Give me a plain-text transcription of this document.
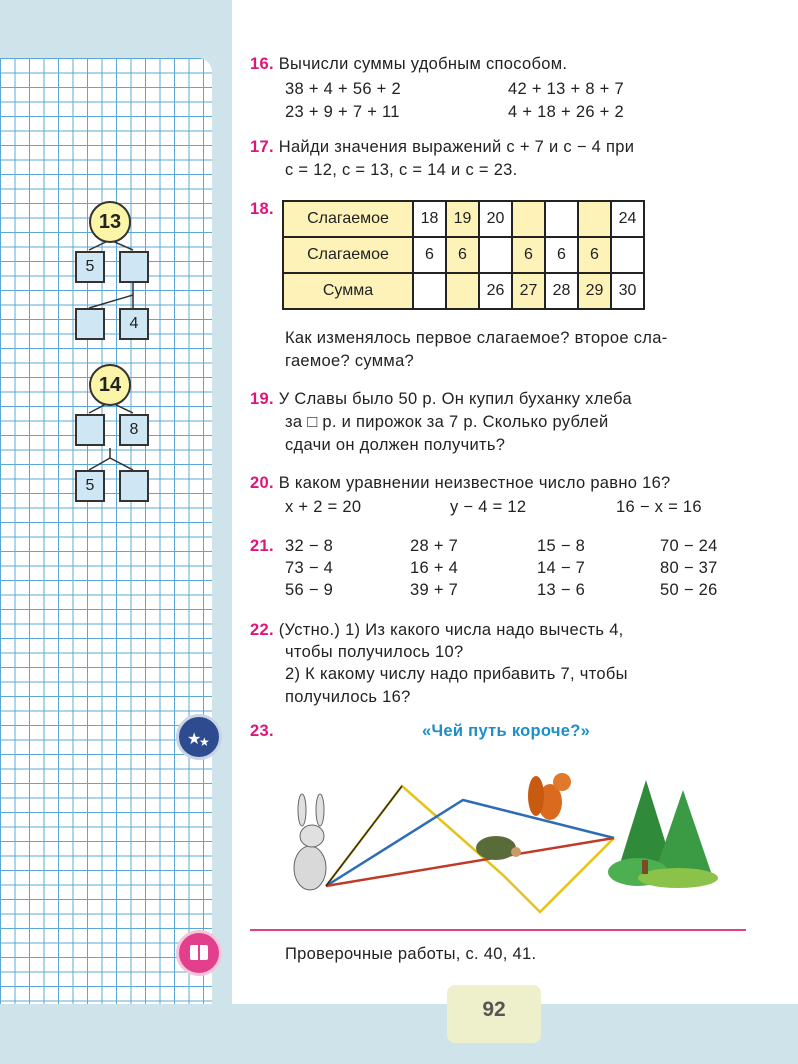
13
5
4
14
8
5
★
★
16. Вычисли суммы удобным способом.
38 + 4 + 56 + 2	42 + 13 + 8 + 7
23 + 9 + 7 + 11	4 + 18 + 26 + 2
17. Найди значения выражений c + 7 и c − 4 при
c = 12, c = 13, c = 14 и c = 23.
18.
Слагаемое	18	19	20				24
Слагаемое	6	6		6	6	6	
Сумма			26	27	28	29	30
Как изменялось первое слагаемое? второе сла-
гаемое? сумма?
19. У Славы было 50 р. Он купил буханку хлеба
за □ р. и пирожок за 7 р. Сколько рублей
сдачи он должен получить?
20. В каком уравнении неизвестное число равно 16?
x + 2 = 20	y − 4 = 12	16 − x = 16
21. 32 − 8	28 + 7	15 − 8	70 − 24
73 − 4	16 + 4	14 − 7	80 − 37
56 − 9	39 + 7	13 − 6	50 − 26
22. (Устно.) 1) Из какого числа надо вычесть 4,
чтобы получилось 10?
2) К какому числу надо прибавить 7, чтобы
получилось 16?
23.	«Чей путь короче?»
Проверочные работы, с. 40, 41.
92
